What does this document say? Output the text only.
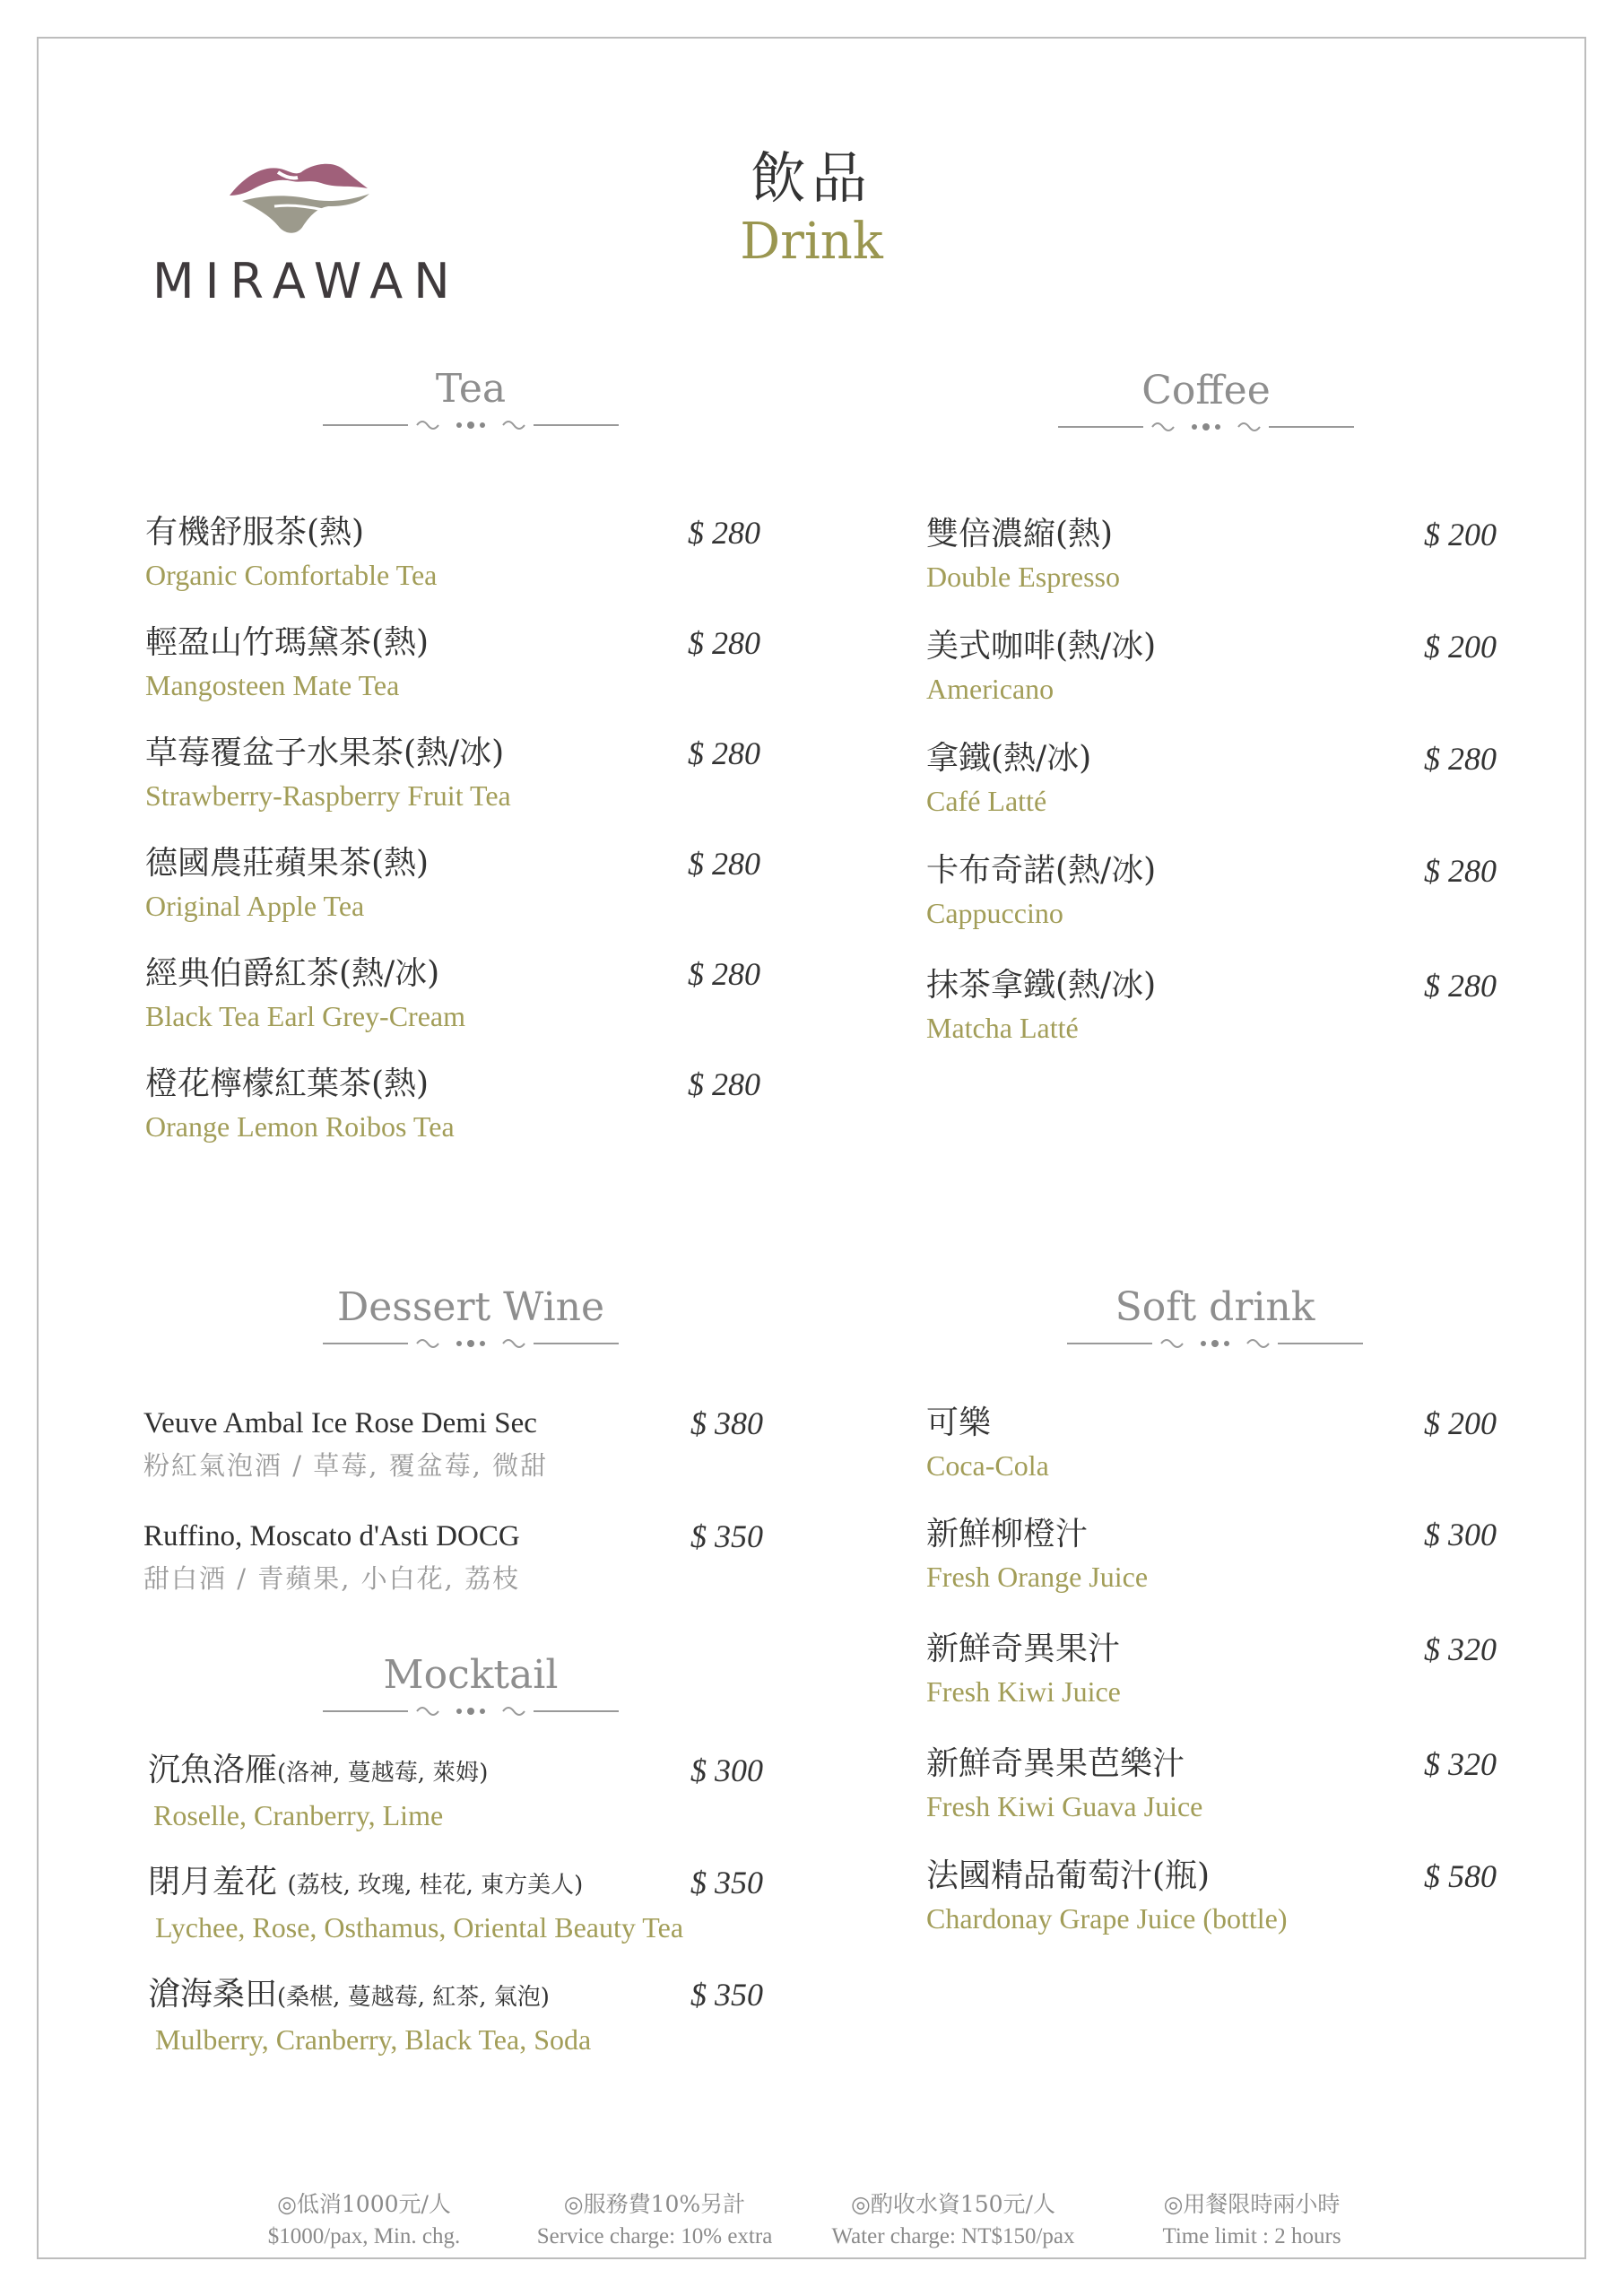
MIRAWAN
飲品
Drink
Tea	Coffee
Dessert Wine	Soft drink
Mocktail
有機舒服茶(熱)
Organic Comfortable Tea
$ 280
輕盈山竹瑪黛茶(熱)
Mangosteen Mate Tea
$ 280
草莓覆盆子水果茶(熱/冰)
Strawberry-Raspberry Fruit Tea
$ 280
德國農莊蘋果茶(熱)
Original Apple Tea
$ 280
經典伯爵紅茶(熱/冰)
Black Tea Earl Grey-Cream
$ 280
橙花檸檬紅葉茶(熱)
Orange Lemon Roibos Tea
$ 280
雙倍濃縮(熱)
Double Espresso
$ 200
美式咖啡(熱/冰)
Americano
$ 200
拿鐵(熱/冰)
Café Latté
$ 280
卡布奇諾(熱/冰)
Cappuccino
$ 280
抹茶拿鐵(熱/冰)
Matcha Latté
$ 280
Veuve Ambal Ice Rose Demi Sec
粉紅氣泡酒 / 草莓, 覆盆莓, 微甜
$ 380
Ruffino, Moscato d'Asti DOCG
甜白酒 / 青蘋果, 小白花, 荔枝
$ 350
沉魚洛雁(洛神, 蔓越莓, 萊姆)
Roselle, Cranberry, Lime
$ 300
閉月羞花 (荔枝, 玫瑰, 桂花, 東方美人)
Lychee, Rose, Osthamus, Oriental Beauty Tea
$ 350
滄海桑田(桑椹, 蔓越莓, 紅茶, 氣泡)
Mulberry, Cranberry, Black Tea, Soda
$ 350
可樂
Coca-Cola
$ 200
新鮮柳橙汁
Fresh Orange Juice
$ 300
新鮮奇異果汁
Fresh Kiwi Juice
$ 320
新鮮奇異果芭樂汁
Fresh Kiwi Guava Juice
$ 320
法國精品葡萄汁(瓶)
Chardonay Grape Juice (bottle)
$ 580
◎低消1000元/人
$1000/pax, Min. chg.
◎服務費10%另計
Service charge: 10% extra
◎酌收水資150元/人
Water charge: NT$150/pax
◎用餐限時兩小時
Time limit : 2 hours
